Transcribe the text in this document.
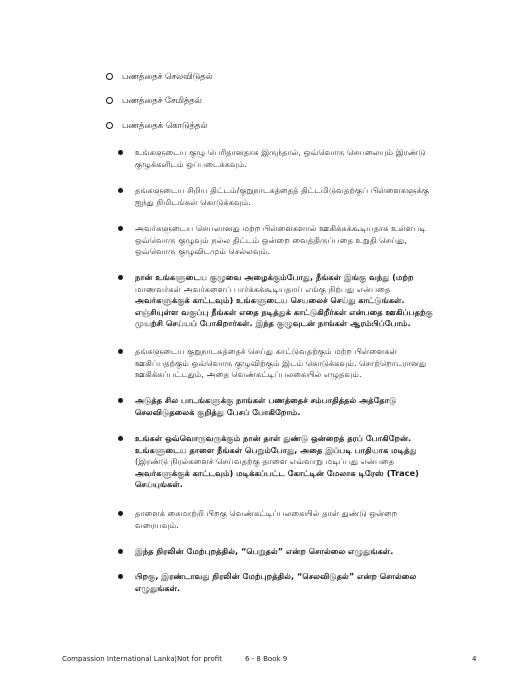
பணத்தைச் செலவிடுதல்
பணத்தைச் சேமித்தல்
பணத்தைக் கொடுத்தல்
உங்களுடைய குழு பெரிதானதாக இருந்தால், ஒவ்வொரு செயலையும் இரண்டு
குழுக்களிடம் ஒப்படைக்கவும்.
தங்களுடைய சிறிய திட்டம்/குறுநாடகத்தைத் திட்டமிடுவதற்குப் பிள்ளைகளுக்கு
ஐந்து நிமிடங்கள் கொடுக்கவும்.
அவர்களுடைய செயலானது மற்ற பிள்ளைகளால் ஊகிக்கக்கூடியதாக உள்ளபடி
ஒவ்வொரு குழுவும் நல்ல திட்டம் ஒன்றை வைத்திருப்பதை உறுதி செய்து,
ஒவ்வொரு குழுவிடமும் செல்லவும்.
நான் உங்களுடைய குழுவை அழைக்கும்போது, நீங்கள் இங்கு வந்து (மற்ற
மாணவர்கள் அவர்களைப் பார்க்கக்கூடியதாய் எங்கு நிற்பது என்பதை
அவர்களுக்குக் காட்டவும்) உங்களுடைய செயலைச் செய்து காட்டுங்கள்.
எஞ்சியுள்ள வகுப்பு நீங்கள் எதை நடித்துக் காட்டுகிறீர்கள் என்பதை ஊகிப்பதற்கு
முயற்சி செய்யப் போகிறார்கள். இந்த குழுவுடன் நாங்கள் ஆரம்பிப்போம்.
தங்களுடைய குறுநாடகத்தைச் செய்து காட்டுவதற்கும் மற்ற பிள்ளைகள்
ஊகிப்பதற்கும் ஒவ்வொரு குழுவிற்கும் இடம் கொடுக்கவும். சொற்றொடரானது
ஊகிக்கப்பட்டதும், அதை வெண்கட்டிப்பலகையில் எழுதவும்.
அடுத்த சில பாடங்களுக்கு நாங்கள் பணத்தைச் சம்பாதித்தல் அத்தோடு
செலவிடுதலைக் குறித்து பேசப் போகிறோம்.
உங்கள் ஒவ்வொருவருக்கும் நான் தாள் துண்டு ஒன்றைத் தரப் போகிறேன்.
உங்களுடைய தாளை நீங்கள் பெறும்போது, அதை இப்படி பாதியாக மடித்து
(இரண்டு நிரல்களைச் செய்வதற்கு தாளை எவ்வாறு மடிப்பது என்பதை
அவர்களுக்குக் காட்டவும்) மடிக்கப்பட்ட கோட்டின் மேலாக டிரேஸ் (Trace)
செய்யுங்கள்.
தாளைக் கைமாற்றி பிறகு வெண்கட்டிப்பலகையில் தாள் துண்டு ஒன்றை
வரையவும்.
இந்த நிரலின் மேற்புறத்தில், “பெறுதல்” என்ற சொல்லை எழுதுங்கள்.
பிறகு, இரண்டாவது நிரலின் மேற்புறத்தில், “செலவிடுதல்” என்ற சொல்லை
எழுதுங்கள்.
Compassion International Lanka|Not for profit	6 - 8 Book 9	4
